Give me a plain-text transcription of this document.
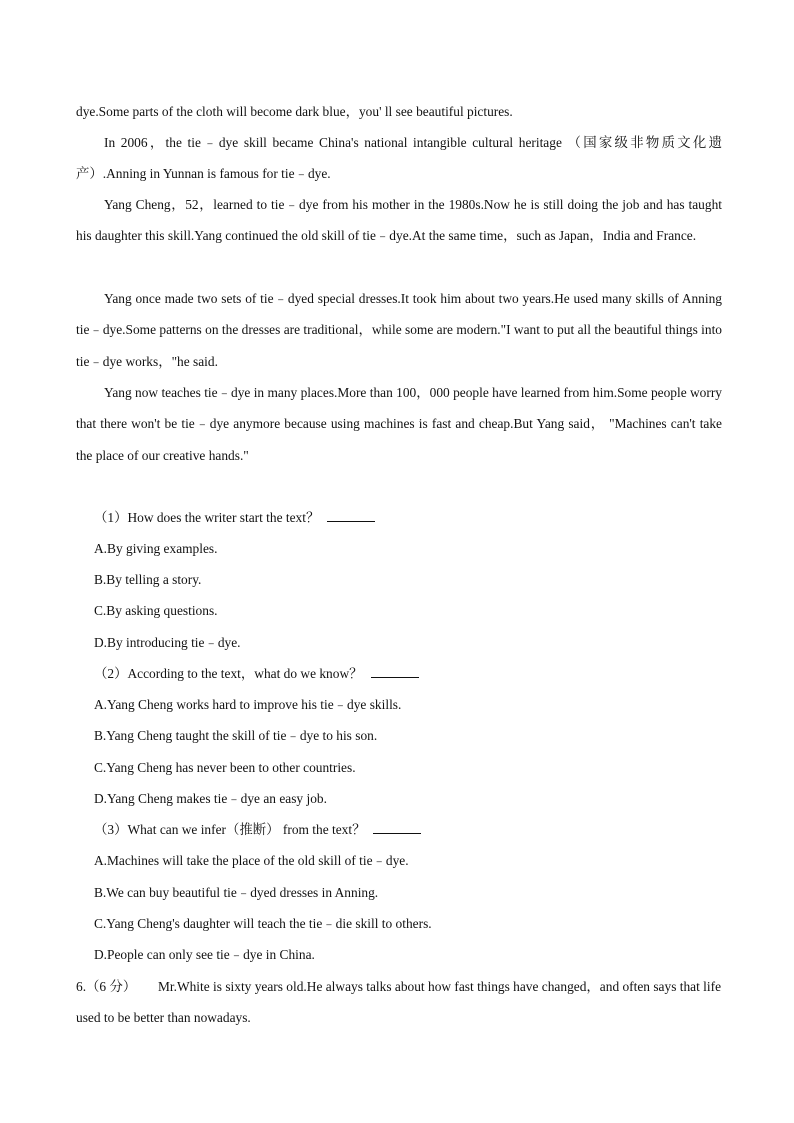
dye.Some parts of the cloth will become dark blue，you' ll see beautiful pictures.

In 2006，the tie﹣dye skill became China's national intangible cultural heritage （国家级非物质文化遗产）.Anning in Yunnan is famous for tie﹣dye.

Yang Cheng，52，learned to tie﹣dye from his mother in the 1980s.Now he is still doing the job and has taught his daughter this skill.Yang continued the old skill of tie﹣dye.At the same time，such as Japan，India and France.

Yang once made two sets of tie﹣dyed special dresses.It took him about two years.He used many skills of Anning tie﹣dye.Some patterns on the dresses are traditional，while some are modern."I want to put all the beautiful things into tie﹣dye works，"he said.

Yang now teaches tie﹣dye in many places.More than 100，000 people have learned from him.Some people worry that there won't be tie﹣dye anymore because using machines is fast and cheap.But Yang said， "Machines can't take the place of our creative hands."

（1）How does the writer start the text？

A.By giving examples.

B.By telling a story.

C.By asking questions.

D.By introducing tie﹣dye.

（2）According to the text，what do we know？

A.Yang Cheng works hard to improve his tie﹣dye skills.

B.Yang Cheng taught the skill of tie﹣dye to his son.

C.Yang Cheng has never been to other countries.

D.Yang Cheng makes tie﹣dye an easy job.

（3）What can we infer（推断） from the text？

A.Machines will take the place of the old skill of tie﹣dye.

B.We can buy beautiful tie﹣dyed dresses in Anning.

C.Yang Cheng's daughter will teach the tie﹣die skill to others.

D.People can only see tie﹣dye in China.

6.（6 分） Mr.White is sixty years old.He always talks about how fast things have changed，and often says that life used to be better than nowadays.
